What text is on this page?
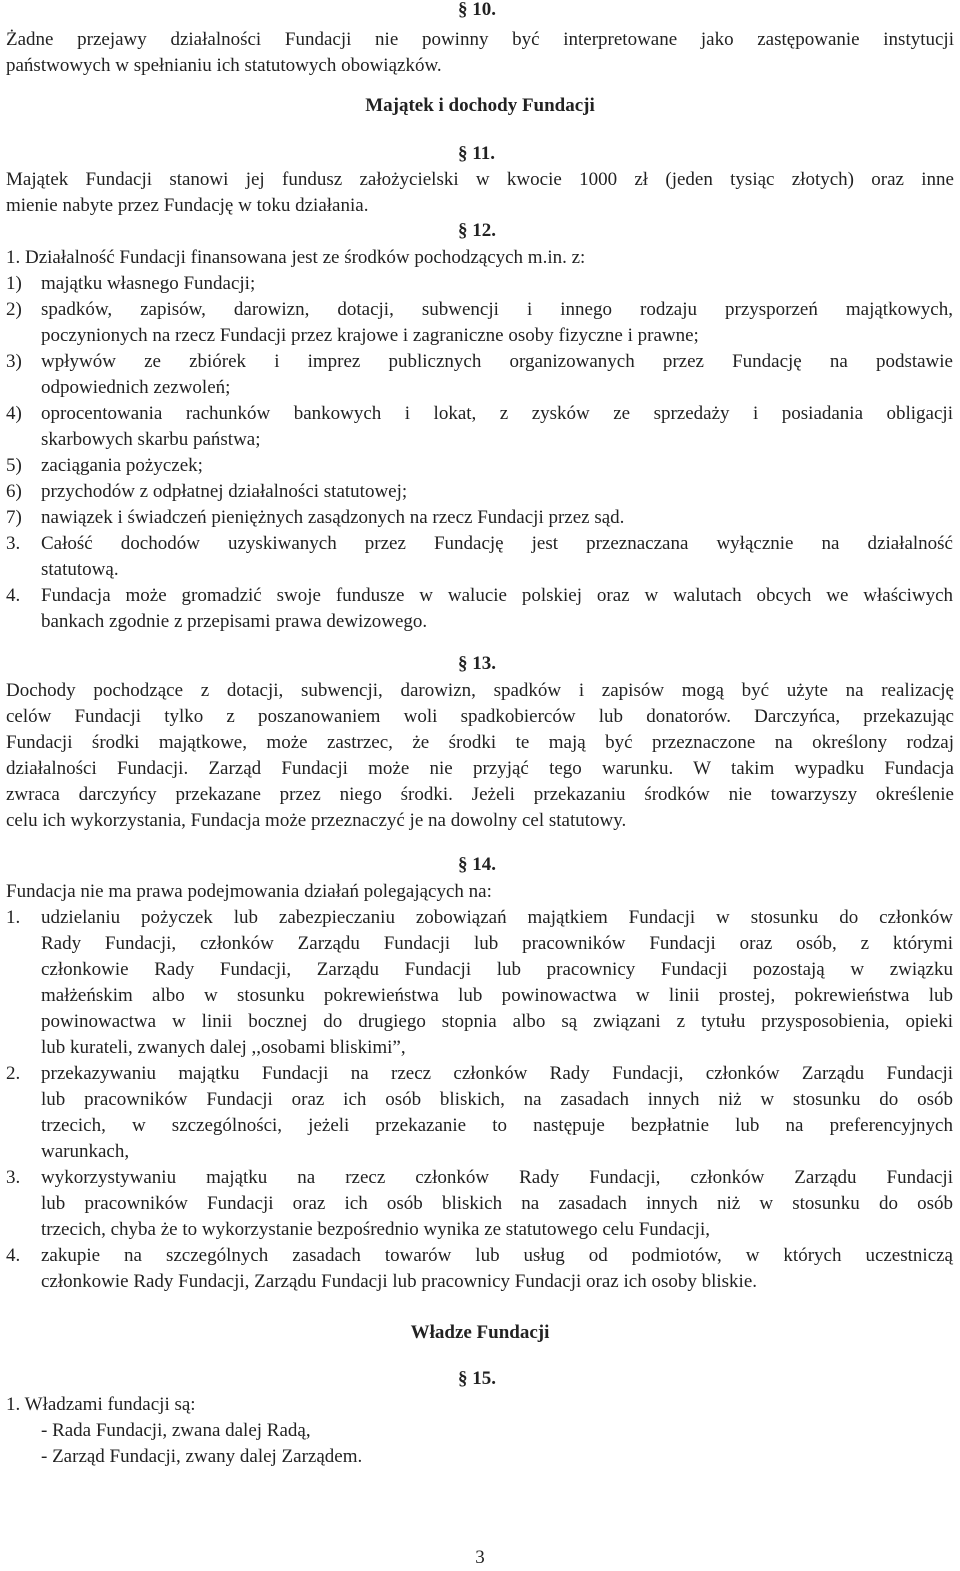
§ 10.
Żadne przejawy działalności Fundacji nie powinny być interpretowane jako zastępowanie instytucji
państwowych w spełnianiu ich statutowych obowiązków.
Majątek i dochody Fundacji
§ 11.
Majątek Fundacji stanowi jej fundusz założycielski w kwocie 1000 zł (jeden tysiąc złotych) oraz inne
mienie nabyte przez Fundację w toku działania.
§ 12.
1. Działalność Fundacji finansowana jest ze środków pochodzących m.in. z:
1) majątku własnego Fundacji;
2) spadków, zapisów, darowizn, dotacji, subwencji i innego rodzaju przysporzeń majątkowych,
poczynionych na rzecz Fundacji przez krajowe i zagraniczne osoby fizyczne i prawne;
3) wpływów ze zbiórek i imprez publicznych organizowanych przez Fundację na podstawie
odpowiednich zezwoleń;
4) oprocentowania rachunków bankowych i lokat, z zysków ze sprzedaży i posiadania obligacji
skarbowych skarbu państwa;
5) zaciągania pożyczek;
6) przychodów z odpłatnej działalności statutowej;
7) nawiązek i świadczeń pieniężnych zasądzonych na rzecz Fundacji przez sąd.
3. Całość dochodów uzyskiwanych przez Fundację jest przeznaczana wyłącznie na działalność
statutową.
4. Fundacja może gromadzić swoje fundusze w walucie polskiej oraz w walutach obcych we właściwych
bankach zgodnie z przepisami prawa dewizowego.
§ 13.
Dochody pochodzące z dotacji, subwencji, darowizn, spadków i zapisów mogą być użyte na realizację
celów Fundacji tylko z poszanowaniem woli spadkobierców lub donatorów. Darczyńca, przekazując
Fundacji środki majątkowe, może zastrzec, że środki te mają być przeznaczone na określony rodzaj
działalności Fundacji. Zarząd Fundacji może nie przyjąć tego warunku. W takim wypadku Fundacja
zwraca darczyńcy przekazane przez niego środki. Jeżeli przekazaniu środków nie towarzyszy określenie
celu ich wykorzystania, Fundacja może przeznaczyć je na dowolny cel statutowy.
§ 14.
Fundacja nie ma prawa podejmowania działań polegających na:
1. udzielaniu pożyczek lub zabezpieczaniu zobowiązań majątkiem Fundacji w stosunku do członków
Rady Fundacji, członków Zarządu Fundacji lub pracowników Fundacji oraz osób, z którymi
członkowie Rady Fundacji, Zarządu Fundacji lub pracownicy Fundacji pozostają w związku
małżeńskim albo w stosunku pokrewieństwa lub powinowactwa w linii prostej, pokrewieństwa lub
powinowactwa w linii bocznej do drugiego stopnia albo są związani z tytułu przysposobienia, opieki
lub kurateli, zwanych dalej ,,osobami bliskimi”,
2. przekazywaniu majątku Fundacji na rzecz członków Rady Fundacji, członków Zarządu Fundacji
lub pracowników Fundacji oraz ich osób bliskich, na zasadach innych niż w stosunku do osób
trzecich, w szczególności, jeżeli przekazanie to następuje bezpłatnie lub na preferencyjnych
warunkach,
3. wykorzystywaniu majątku na rzecz członków Rady Fundacji, członków Zarządu Fundacji
lub pracowników Fundacji oraz ich osób bliskich na zasadach innych niż w stosunku do osób
trzecich, chyba że to wykorzystanie bezpośrednio wynika ze statutowego celu Fundacji,
4. zakupie na szczególnych zasadach towarów lub usług od podmiotów, w których uczestniczą
członkowie Rady Fundacji, Zarządu Fundacji lub pracownicy Fundacji oraz ich osoby bliskie.
Władze Fundacji
§ 15.
1. Władzami fundacji są:
- Rada Fundacji, zwana dalej Radą,
- Zarząd Fundacji, zwany dalej Zarządem.
3
